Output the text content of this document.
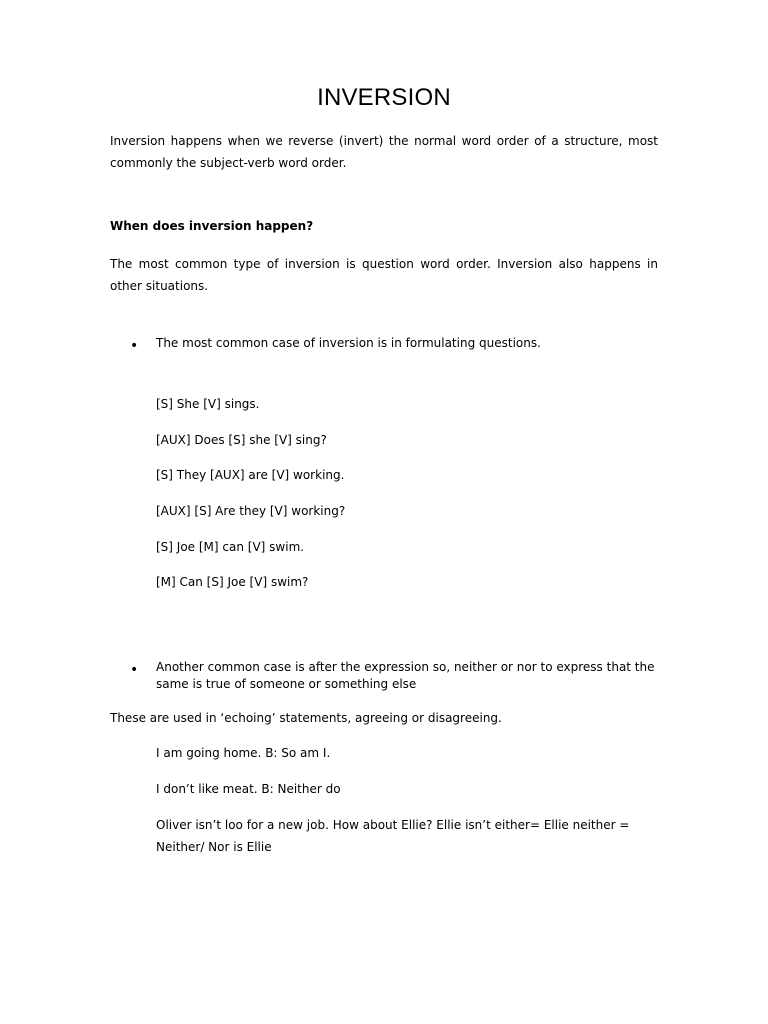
INVERSION
Inversion happens when we reverse (invert) the normal word order of a structure, most commonly the subject-verb word order.
When does inversion happen?
The most common type of inversion is question word order. Inversion also happens in other situations.
•	The most common case of inversion is in formulating questions.
[S] She [V] sings.
[AUX] Does [S] she [V] sing?
[S] They [AUX] are [V] working.
[AUX] [S] Are they [V] working?
[S] Joe [M] can [V] swim.
[M] Can [S] Joe [V] swim?
•	Another common case is after the expression so, neither or nor to express that the same is true of someone or something else
These are used in ‘echoing’ statements, agreeing or disagreeing.
I am going home. B: So am I.
I don’t like meat. B: Neither do
Oliver isn’t loo for a new job. How about Ellie? Ellie isn’t either= Ellie neither = Neither/ Nor is Ellie
